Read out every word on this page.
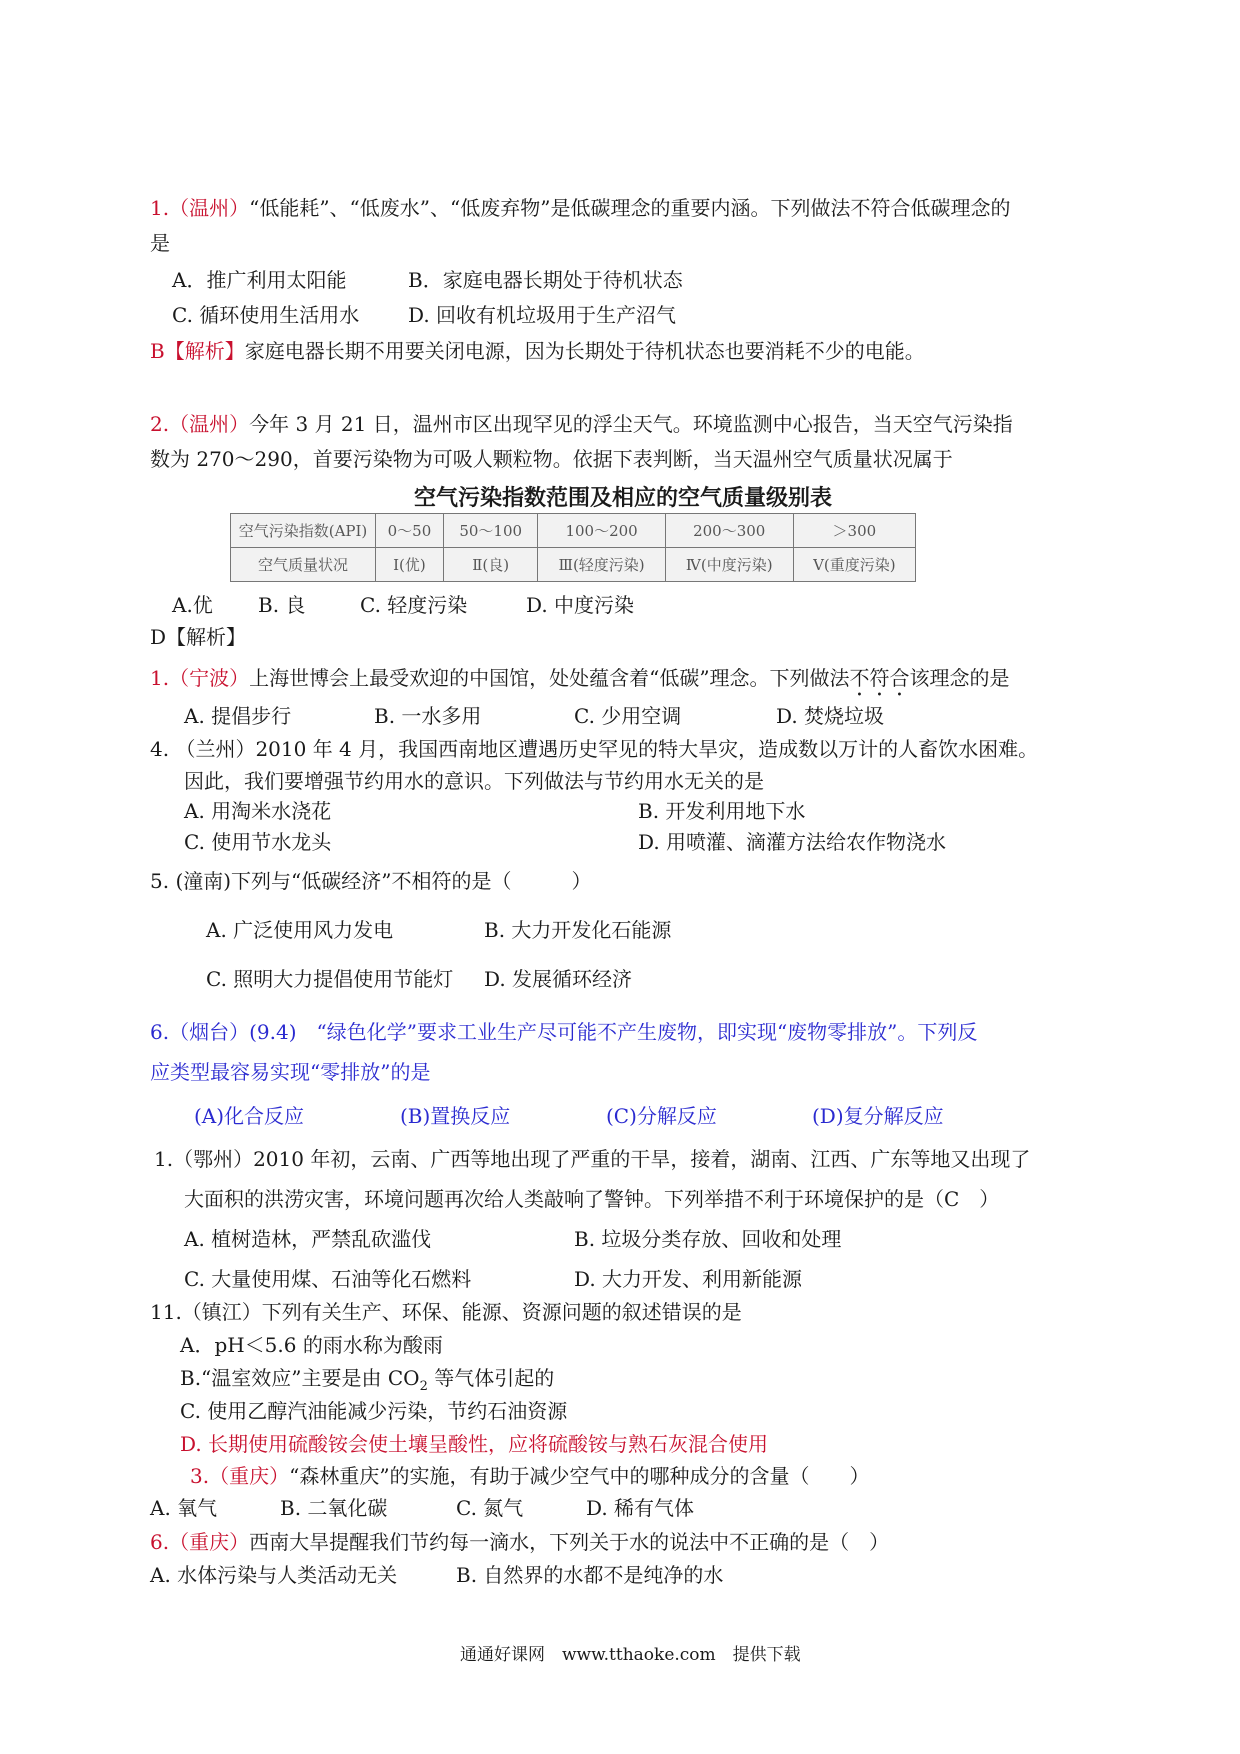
1.（温州）“低能耗”、“低废水”、“低废弃物”是低碳理念的重要内涵。下列做法不符合低碳理念的
是
A．推广利用太阳能	B．家庭电器长期处于待机状态
C. 循环使用生活用水 D. 回收有机垃圾用于生产沼气
B【解析】家庭电器长期不用要关闭电源，因为长期处于待机状态也要消耗不少的电能。
2.（温州）今年 3 月 21 日，温州市区出现罕见的浮尘天气。环境监测中心报告，当天空气污染指
数为 270～290，首要污染物为可吸人颗粒物。依据下表判断，当天温州空气质量状况属于
空气污染指数范围及相应的空气质量级别表
空气污染指数(API)	0～50	50～100	100～200	200～300	＞300
空气质量状况	Ⅰ(优)	Ⅱ(良)	Ⅲ(轻度污染)	Ⅳ(中度污染)	Ⅴ(重度污染)
A.优 B. 良	C. 轻度污染	D. 中度污染
D【解析】
1.（宁波）上海世博会上最受欢迎的中国馆，处处蕴含着“低碳”理念。下列做法不符合该理念的是
A. 提倡步行	B. 一水多用	C. 少用空调	D. 焚烧垃圾
4. （兰州）2010 年 4 月，我国西南地区遭遇历史罕见的特大旱灾，造成数以万计的人畜饮水困难。
因此，我们要增强节约用水的意识。下列做法与节约用水无关的是
A. 用淘米水浇花	B. 开发利用地下水
C. 使用节水龙头	D. 用喷灌、滴灌方法给农作物浇水
5. (潼南)下列与“低碳经济”不相符的是（　　　）
A. 广泛使用风力发电	B. 大力开发化石能源
C. 照明大力提倡使用节能灯 D. 发展循环经济
6.（烟台）(9.4)　“绿色化学”要求工业生产尽可能不产生废物，即实现“废物零排放”。下列反
应类型最容易实现“零排放”的是
(A)化合反应	(B)置换反应	(C)分解反应	(D)复分解反应
1.（鄂州）2010 年初，云南、广西等地出现了严重的干旱，接着，湖南、江西、广东等地又出现了
大面积的洪涝灾害，环境问题再次给人类敲响了警钟。下列举措不利于环境保护的是（C　）
A. 植树造林，严禁乱砍滥伐	B. 垃圾分类存放、回收和处理
C. 大量使用煤、石油等化石燃料	D. 大力开发、利用新能源
11.（镇江）下列有关生产、环保、能源、资源问题的叙述错误的是
A．pH＜5.6 的雨水称为酸雨
B.“温室效应”主要是由 $CO_2$ 等气体引起的
C. 使用乙醇汽油能减少污染，节约石油资源
D. 长期使用硫酸铵会使土壤呈酸性，应将硫酸铵与熟石灰混合使用
3.（重庆）“森林重庆”的实施，有助于减少空气中的哪种成分的含量（　　）
A. 氧气	B. 二氧化碳	C. 氮气	D. 稀有气体
6.（重庆）西南大旱提醒我们节约每一滴水，下列关于水的说法中不正确的是（　）
A. 水体污染与人类活动无关	B. 自然界的水都不是纯净的水
通通好课网　www.tthaoke.com　提供下载
